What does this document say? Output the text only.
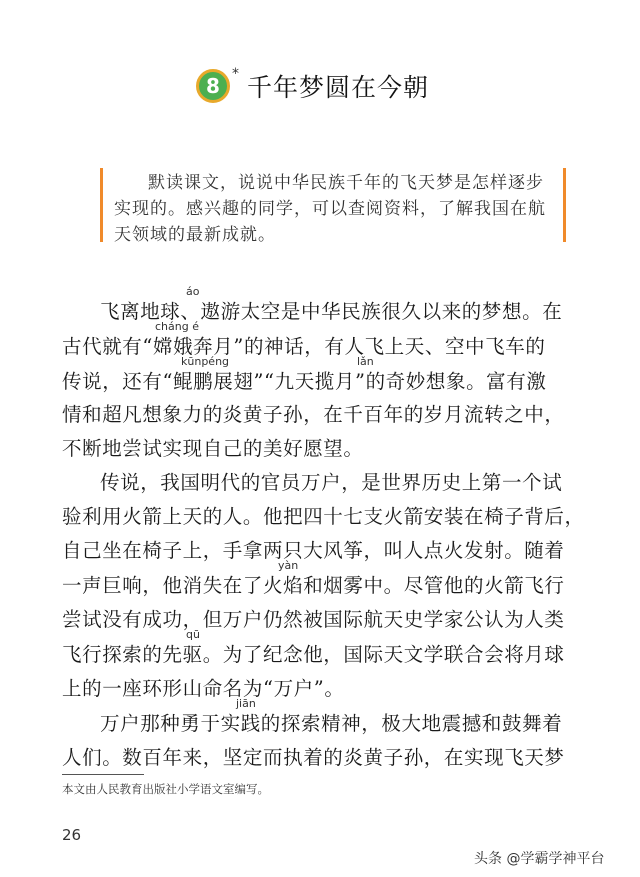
8 * 千年梦圆在今朝
默读课文，说说中华民族千年的飞天梦是怎样逐步
实现的。感兴趣的同学，可以查阅资料，了解我国在航
天领域的最新成就。
áo
cháng é
kūnpéng	lǎn
yàn
qū
jiān
飞离地球、遨游太空是中华民族很久以来的梦想。在
古代就有“嫦娥奔月”的神话，有人飞上天、空中飞车的
传说，还有“鲲鹏展翅”“九天揽月”的奇妙想象。富有激
情和超凡想象力的炎黄子孙，在千百年的岁月流转之中，
不断地尝试实现自己的美好愿望。
传说，我国明代的官员万户，是世界历史上第一个试
验利用火箭上天的人。他把四十七支火箭安装在椅子背后，
自己坐在椅子上，手拿两只大风筝，叫人点火发射。随着
一声巨响，他消失在了火焰和烟雾中。尽管他的火箭飞行
尝试没有成功，但万户仍然被国际航天史学家公认为人类
飞行探索的先驱。为了纪念他，国际天文学联合会将月球
上的一座环形山命名为“万户”。
万户那种勇于实践的探索精神，极大地震撼和鼓舞着
人们。数百年来，坚定而执着的炎黄子孙，在实现飞天梦
本文由人民教育出版社小学语文室编写。
26
头条 @学霸学神平台
